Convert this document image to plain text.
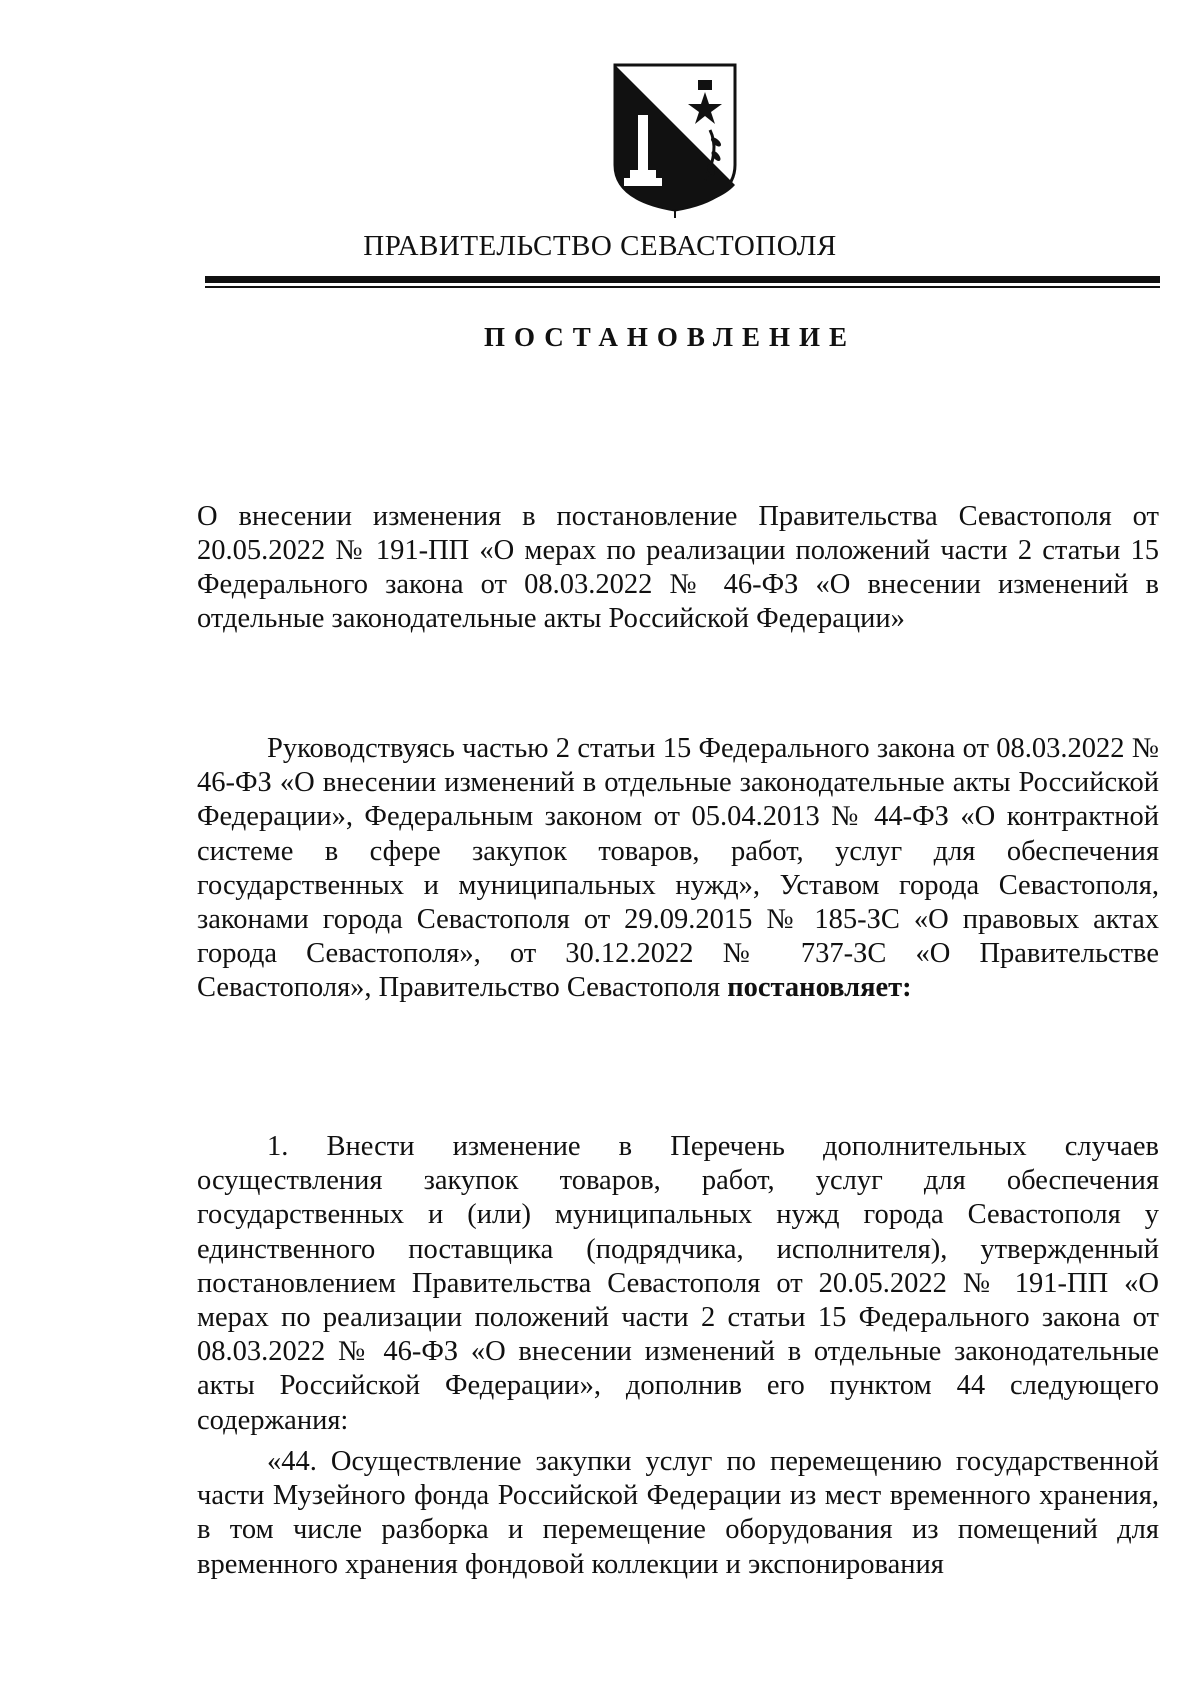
ПРАВИТЕЛЬСТВО СЕВАСТОПОЛЯ
ПОСТАНОВЛЕНИЕ
О внесении изменения в постановление Правительства Севастополя от 20.05.2022 № 191-ПП «О мерах по реализации положений части 2 статьи 15 Федерального закона от 08.03.2022 № 46-ФЗ «О внесении изменений в отдельные законодательные акты Российской Федерации»
Руководствуясь частью 2 статьи 15 Федерального закона от 08.03.2022 № 46-ФЗ «О внесении изменений в отдельные законодательные акты Российской Федерации», Федеральным законом от 05.04.2013 № 44-ФЗ «О контрактной системе в сфере закупок товаров, работ, услуг для обеспечения государственных и муниципальных нужд», Уставом города Севастополя, законами города Севастополя от 29.09.2015 № 185-ЗС «О правовых актах города Севастополя», от 30.12.2022 № 737-ЗС «О Правительстве Севастополя», Правительство Севастополя постановляет:
1. Внести изменение в Перечень дополнительных случаев осуществления закупок товаров, работ, услуг для обеспечения государственных и (или) муниципальных нужд города Севастополя у единственного поставщика (подрядчика, исполнителя), утвержденный постановлением Правительства Севастополя от 20.05.2022 № 191-ПП «О мерах по реализации положений части 2 статьи 15 Федерального закона от 08.03.2022 № 46-ФЗ «О внесении изменений в отдельные законодательные акты Российской Федерации», дополнив его пунктом 44 следующего содержания:
«44. Осуществление закупки услуг по перемещению государственной части Музейного фонда Российской Федерации из мест временного хранения, в том числе разборка и перемещение оборудования из помещений для временного хранения фондовой коллекции и экспонирования
